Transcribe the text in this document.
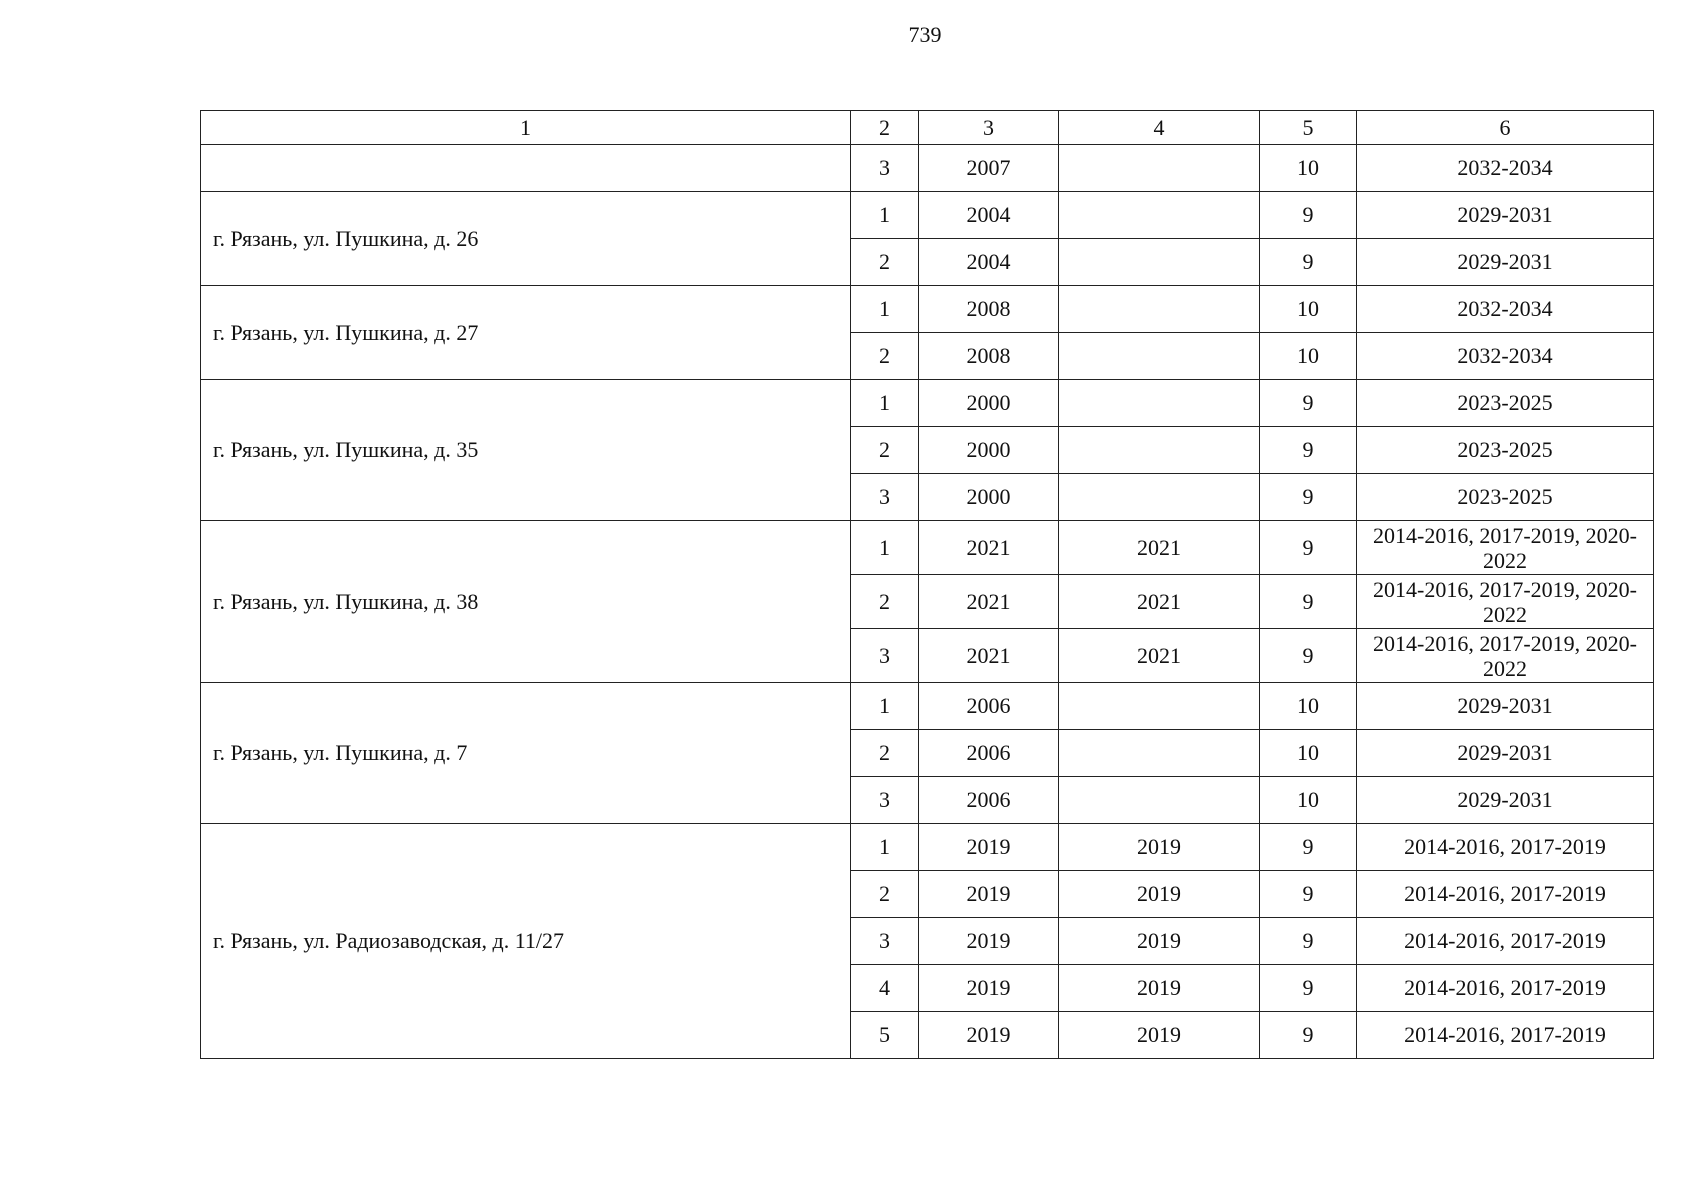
739
1	2	3	4	5	6
	3	2007		10	2032-2034
г. Рязань, ул. Пушкина, д. 26	1	2004		9	2029-2031
	2	2004		9	2029-2031
г. Рязань, ул. Пушкина, д. 27	1	2008		10	2032-2034
	2	2008		10	2032-2034
г. Рязань, ул. Пушкина, д. 35	1	2000		9	2023-2025
	2	2000		9	2023-2025
	3	2000		9	2023-2025
г. Рязань, ул. Пушкина, д. 38	1	2021	2021	9	2014-2016, 2017-2019, 2020-2022
	2	2021	2021	9	2014-2016, 2017-2019, 2020-2022
	3	2021	2021	9	2014-2016, 2017-2019, 2020-2022
г. Рязань, ул. Пушкина, д. 7	1	2006		10	2029-2031
	2	2006		10	2029-2031
	3	2006		10	2029-2031
г. Рязань, ул. Радиозаводская, д. 11/27	1	2019	2019	9	2014-2016, 2017-2019
	2	2019	2019	9	2014-2016, 2017-2019
	3	2019	2019	9	2014-2016, 2017-2019
	4	2019	2019	9	2014-2016, 2017-2019
	5	2019	2019	9	2014-2016, 2017-2019
